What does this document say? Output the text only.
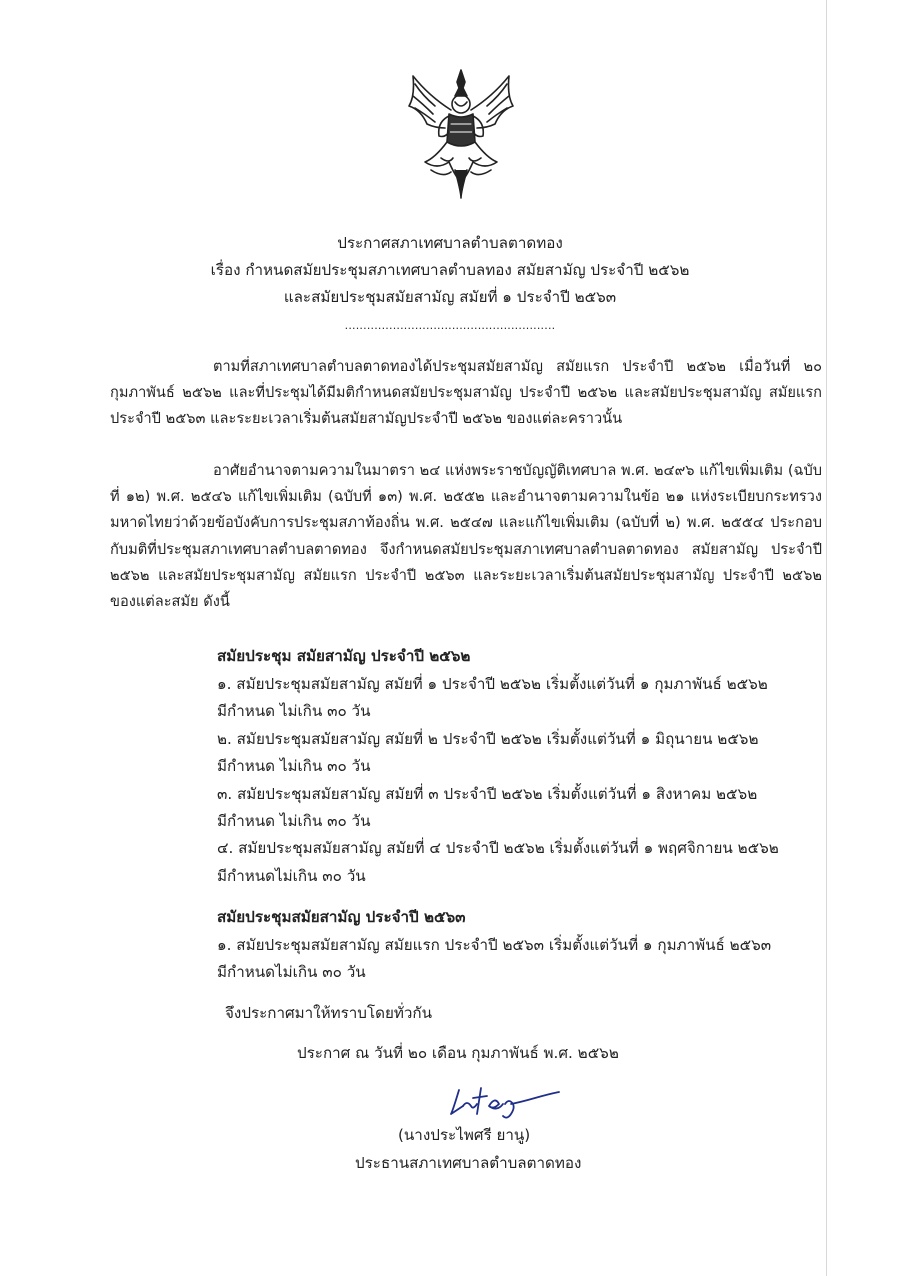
ประกาศสภาเทศบาลตำบลตาดทอง
เรื่อง กำหนดสมัยประชุมสภาเทศบาลตำบลทอง สมัยสามัญ ประจำปี ๒๕๖๒
และสมัยประชุมสมัยสามัญ สมัยที่ ๑ ประจำปี ๒๕๖๓
.........................................................
ตามที่สภาเทศบาลตำบลตาดทองได้ประชุมสมัยสามัญ สมัยแรก ประจำปี ๒๕๖๒ เมื่อวันที่ ๒๐ กุมภาพันธ์ ๒๕๖๒ และที่ประชุมได้มีมติกำหนดสมัยประชุมสามัญ ประจำปี ๒๕๖๒ และสมัยประชุมสามัญ สมัยแรก ประจำปี ๒๕๖๓ และระยะเวลาเริ่มต้นสมัยสามัญประจำปี ๒๕๖๒ ของแต่ละคราวนั้น
อาศัยอำนาจตามความในมาตรา ๒๔ แห่งพระราชบัญญัติเทศบาล พ.ศ. ๒๔๙๖ แก้ไขเพิ่มเติม (ฉบับที่ ๑๒) พ.ศ. ๒๕๔๖ แก้ไขเพิ่มเติม (ฉบับที่ ๑๓) พ.ศ. ๒๕๕๒ และอำนาจตามความในข้อ ๒๑ แห่งระเบียบกระทรวงมหาดไทยว่าด้วยข้อบังคับการประชุมสภาท้องถิ่น พ.ศ. ๒๕๔๗ และแก้ไขเพิ่มเติม (ฉบับที่ ๒) พ.ศ. ๒๕๕๔ ประกอบกับมติที่ประชุมสภาเทศบาลตำบลตาดทอง จึงกำหนดสมัยประชุมสภาเทศบาลตำบลตาดทอง สมัยสามัญ ประจำปี ๒๕๖๒ และสมัยประชุมสามัญ สมัยแรก ประจำปี ๒๕๖๓ และระยะเวลาเริ่มต้นสมัยประชุมสามัญ ประจำปี ๒๕๖๒ ของแต่ละสมัย ดังนี้
สมัยประชุม สมัยสามัญ ประจำปี ๒๕๖๒
๑. สมัยประชุมสมัยสามัญ สมัยที่ ๑ ประจำปี ๒๕๖๒ เริ่มตั้งแต่วันที่ ๑ กุมภาพันธ์ ๒๕๖๒
มีกำหนด ไม่เกิน ๓๐ วัน
๒. สมัยประชุมสมัยสามัญ สมัยที่ ๒ ประจำปี ๒๕๖๒ เริ่มตั้งแต่วันที่ ๑ มิถุนายน ๒๕๖๒
มีกำหนด ไม่เกิน ๓๐ วัน
๓. สมัยประชุมสมัยสามัญ สมัยที่ ๓ ประจำปี ๒๕๖๒ เริ่มตั้งแต่วันที่ ๑ สิงหาคม ๒๕๖๒
มีกำหนด ไม่เกิน ๓๐ วัน
๔. สมัยประชุมสมัยสามัญ สมัยที่ ๔ ประจำปี ๒๕๖๒ เริ่มตั้งแต่วันที่ ๑ พฤศจิกายน ๒๕๖๒
มีกำหนดไม่เกิน ๓๐ วัน
สมัยประชุมสมัยสามัญ ประจำปี ๒๕๖๓
๑. สมัยประชุมสมัยสามัญ สมัยแรก ประจำปี ๒๕๖๓ เริ่มตั้งแต่วันที่ ๑ กุมภาพันธ์ ๒๕๖๓
มีกำหนดไม่เกิน ๓๐ วัน
จึงประกาศมาให้ทราบโดยทั่วกัน
ประกาศ ณ วันที่ ๒๐ เดือน กุมภาพันธ์ พ.ศ. ๒๕๖๒
(นางประไพศรี ยานู)
ประธานสภาเทศบาลตำบลตาดทอง
